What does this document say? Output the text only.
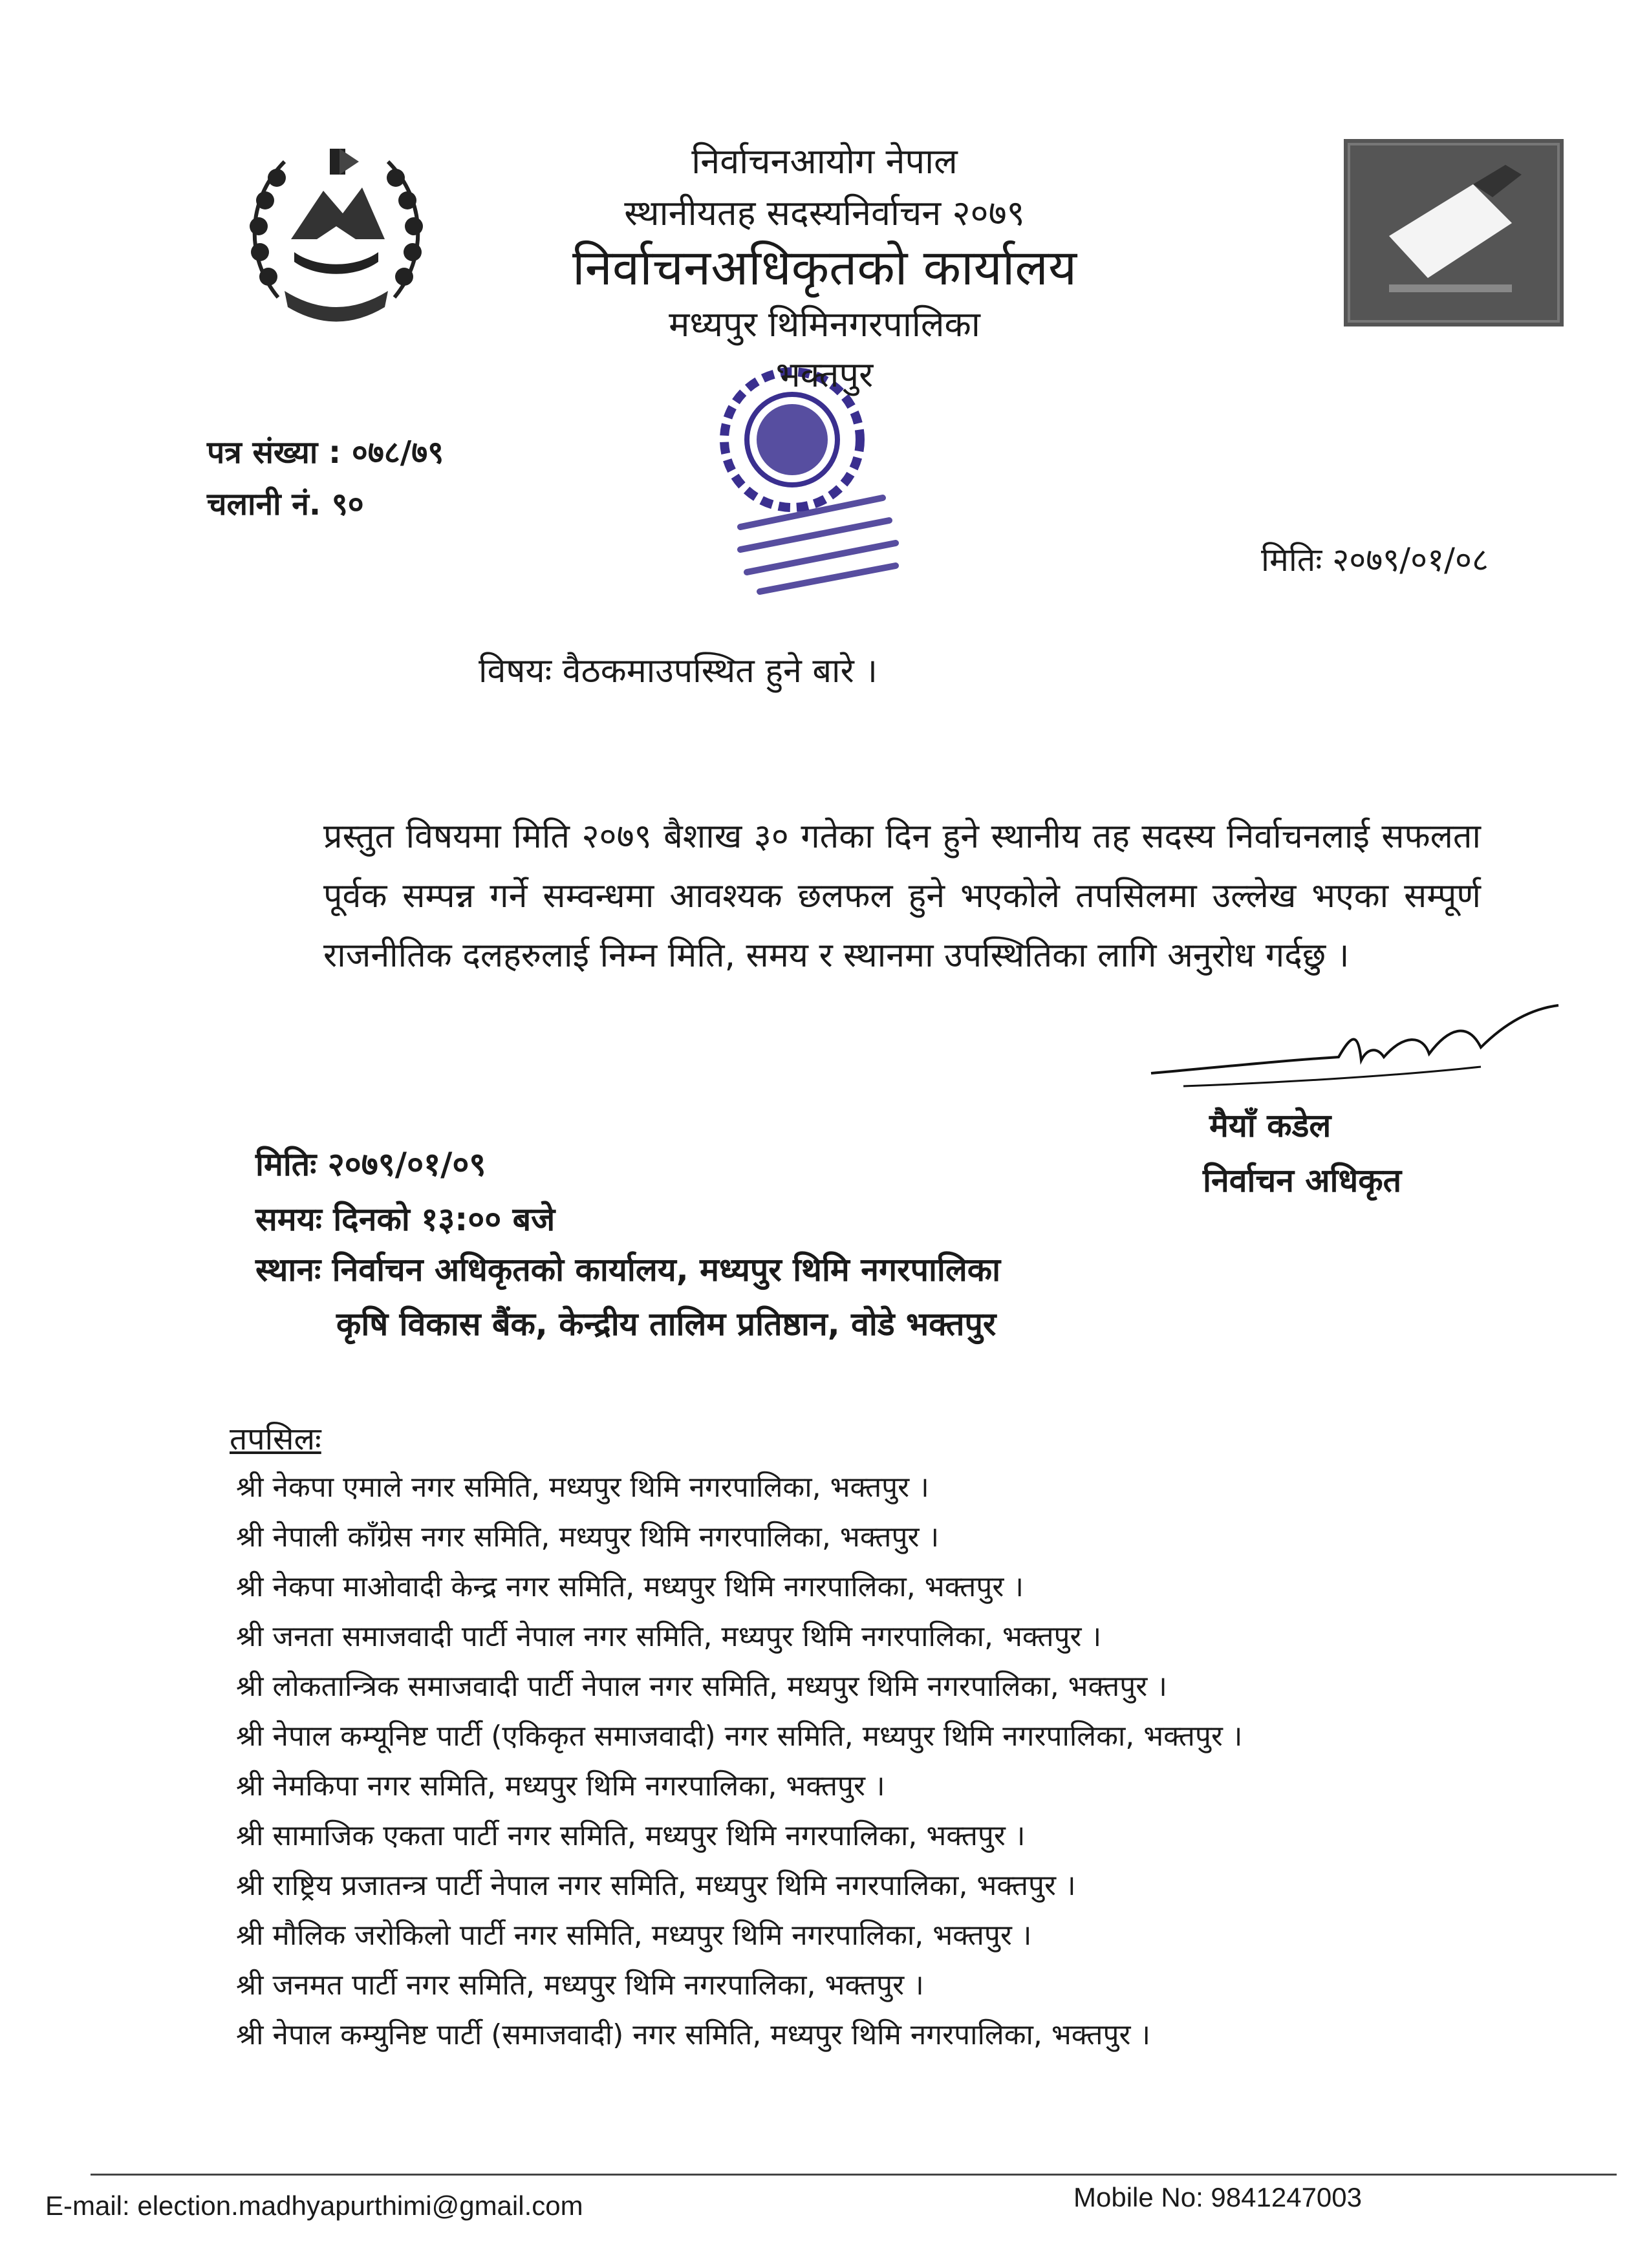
निर्वाचनआयोग नेपाल
स्थानीयतह सदस्यनिर्वाचन २०७९
निर्वाचनअधिकृतको कार्यालय
मध्यपुर थिमिनगरपालिका
भक्तपुर
पत्र संख्या : ०७८/७९
चलानी नं. ९०
मितिः २०७९/०१/०८
विषयः वैठकमाउपस्थित हुने बारे ।
प्रस्तुत विषयमा मिति २०७९ बैशाख ३० गतेका दिन हुने स्थानीय तह सदस्य निर्वाचनलाई सफलता पूर्वक सम्पन्न गर्ने सम्वन्धमा आवश्यक छलफल हुने भएकोले तपसिलमा उल्लेख भएका सम्पूर्ण राजनीतिक दलहरुलाई निम्न मिति, समय र स्थानमा उपस्थितिका लागि अनुरोध गर्दछु ।
मैयाँ कडेल
निर्वाचन अधिकृत
मितिः २०७९/०१/०९
समयः दिनको १३:०० बजे
स्थानः निर्वाचन अधिकृतको कार्यालय, मध्यपुर थिमि नगरपालिका
कृषि विकास बैंक, केन्द्रीय तालिम प्रतिष्ठान, वोडे भक्तपुर
तपसिलः
श्री नेकपा एमाले नगर समिति, मध्यपुर थिमि नगरपालिका, भक्तपुर ।
श्री नेपाली काँग्रेस नगर समिति, मध्यपुर थिमि नगरपालिका, भक्तपुर ।
श्री नेकपा माओवादी केन्द्र नगर समिति, मध्यपुर थिमि नगरपालिका, भक्तपुर ।
श्री जनता समाजवादी पार्टी नेपाल नगर समिति, मध्यपुर थिमि नगरपालिका, भक्तपुर ।
श्री लोकतान्त्रिक समाजवादी पार्टी नेपाल नगर समिति, मध्यपुर थिमि नगरपालिका, भक्तपुर ।
श्री नेपाल कम्यूनिष्ट पार्टी (एकिकृत समाजवादी) नगर समिति, मध्यपुर थिमि नगरपालिका, भक्तपुर ।
श्री नेमकिपा नगर समिति, मध्यपुर थिमि नगरपालिका, भक्तपुर ।
श्री सामाजिक एकता पार्टी नगर समिति, मध्यपुर थिमि नगरपालिका, भक्तपुर ।
श्री राष्ट्रिय प्रजातन्त्र पार्टी नेपाल नगर समिति, मध्यपुर थिमि नगरपालिका, भक्तपुर ।
श्री मौलिक जरोकिलो पार्टी नगर समिति, मध्यपुर थिमि नगरपालिका, भक्तपुर ।
श्री जनमत पार्टी नगर समिति, मध्यपुर थिमि नगरपालिका, भक्तपुर ।
श्री नेपाल कम्युनिष्ट पार्टी (समाजवादी) नगर समिति, मध्यपुर थिमि नगरपालिका, भक्तपुर ।
E-mail: election.madhyapurthimi@gmail.com	Mobile No: 9841247003
